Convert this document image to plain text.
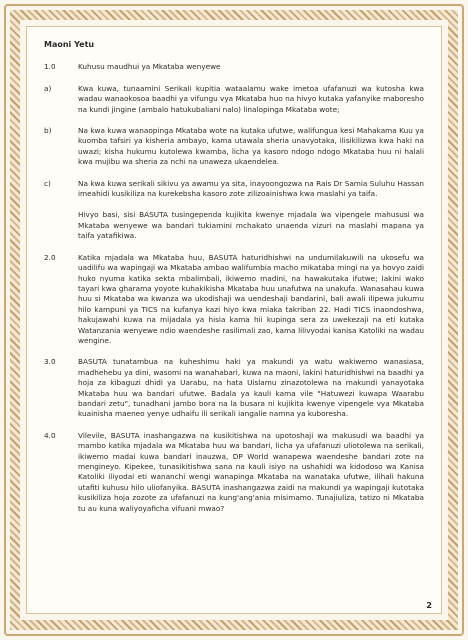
Maoni Yetu
1.0	Kuhusu maudhui ya Mkataba wenyewe
a)	Kwa kuwa, tunaamini Serikali kupitia wataalamu wake imetoa ufafanuzi wa kutosha kwa wadau wanaokosoa baadhi ya vifungu vya Mkataba huo na hivyo kutaka yafanyike maboresho na kundi jingine (ambalo hatukubaliani nalo) linalopinga Mkataba wote;
b)	Na kwa kuwa wanaopinga Mkataba wote na kutaka ufutwe, walifungua kesi Mahakama Kuu ya kuomba tafsiri ya kisheria ambayo, kama utawala sheria unavyotaka, ilisikilizwa kwa haki na uwazi; kisha hukumu kutolewa kwamba, licha ya kasoro ndogo ndogo Mkataba huu ni halali kwa mujibu wa sheria za nchi na unaweza ukaendelea.
c)	Na kwa kuwa serikali sikivu ya awamu ya sita, inayoongozwa na Rais Dr Samia Suluhu Hassan imeahidi kusikiliza na kurekebsha kasoro zote zilizoainishwa kwa maslahi ya taifa.
Hivyo basi, sisi BASUTA tusingependa kujikita kwenye mjadala wa vipengele mahususi wa Mkataba wenyewe wa bandari tukiamini mchakato unaenda vizuri na maslahi mapana ya taifa yatafikiwa.
2.0	Katika mjadala wa Mkataba huu, BASUTA haturidhishwi na undumilakuwili na ukosefu wa uadilifu wa wapingaji wa Mkataba ambao walifumbia macho mikataba mingi na ya hovyo zaidi huko nyuma katika sekta mbalimbali, ikiwemo madini, na hawakutaka ifutwe; lakini wako tayari kwa gharama yoyote kuhakikisha Mkataba huu unafutwa na unakufa. Wanasahau kuwa huu si Mkataba wa kwanza wa ukodishaji wa uendeshaji bandarini, bali awali ilipewa jukumu hilo kampuni ya TICS na kufanya kazi hiyo kwa miaka takriban 22. Hadi TICS inaondoshwa, hakujawahi kuwa na mijadala ya hisia kama hii kupinga sera za uwekezaji na eti kutaka Watanzania wenyewe ndio waendeshe rasilimali zao, kama lilivyodai kanisa Katoliki na wadau wengine.
3.0	BASUTA tunatambua na kuheshimu haki ya makundi ya watu wakiwemo wanasiasa, madhehebu ya dini, wasomi na wanahabari, kuwa na maoni, lakini haturidhishwi na baadhi ya hoja za kibaguzi dhidi ya Uarabu, na hata Uislamu zinazotolewa na makundi yanayotaka Mkataba huu wa bandari ufutwe. Badala ya kauli kama vile "Hatuwezi kuwapa Waarabu bandari zetu", tunadhani jambo bora na la busara ni kujikita kwenye vipengele vya Mkataba kuainisha maeneo yenye udhaifu ili serikali iangalie namna ya kuboresha.
4.0	Vilevile, BASUTA inashangazwa na kusikitishwa na upotoshaji wa makusudi wa baadhi ya mambo katika mjadala wa Mkataba huu wa bandari, licha ya ufafanuzi uliotolewa na serikali, ikiwemo madai kuwa bandari inauzwa, DP World wanapewa waendeshe bandari zote na mengineyo. Kipekee, tunasikitishwa sana na kauli isiyo na ushahidi wa kidodoso wa Kanisa Katoliki iliyodai eti wananchi wengi wanapinga Mkataba na wanataka ufutwe, ilihali hakuna utafiti kuhusu hilo uliofanyika. BASUTA inashangazwa zaidi na makundi ya wapingaji kutotaka kusikiliza hoja zozote za ufafanuzi na kung'ang'ania misimamo. Tunajiuliza, tatizo ni Mkataba tu au kuna waliyoyaficha vifuani mwao?
2
